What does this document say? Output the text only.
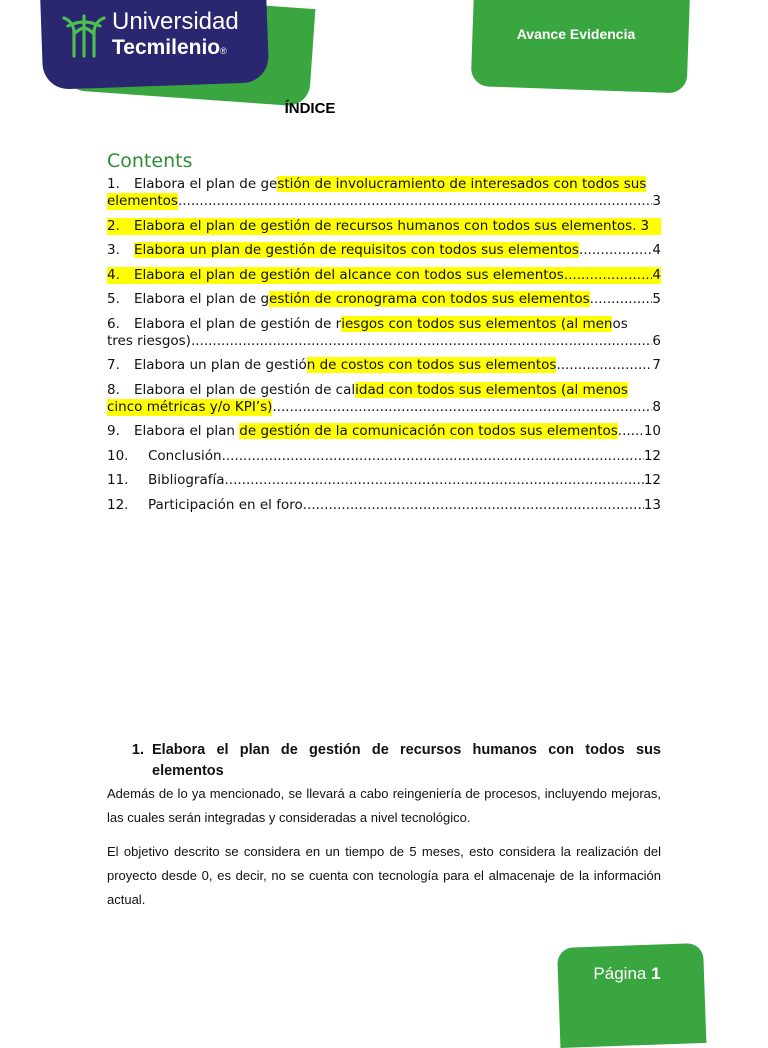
Universidad
Tecmilenio®
Avance Evidencia
ÍNDICE
Contents
1. Elabora el plan de gestión de involucramiento de interesados con todos sus
elementos .....	3
2. Elabora el plan de gestión de recursos humanos con todos sus elementos. 3
3. Elabora un plan de gestión de requisitos con todos sus elementos .....	4
4. Elabora el plan de gestión del alcance con todos sus elementos .....	4
5. Elabora el plan de gestión de cronograma con todos sus elementos .....	5
6. Elabora el plan de gestión de riesgos con todos sus elementos (al menos
tres riesgos) .....	6
7. Elabora un plan de gestión de costos con todos sus elementos .....	7
8. Elabora el plan de gestión de calidad con todos sus elementos (al menos
cinco métricas y/o KPI’s) .....	8
9. Elabora el plan de gestión de la comunicación con todos sus elementos ..... 10
10. Conclusión .....	12
11. Bibliografía .....	12
12. Participación en el foro .....	13
1. Elabora el plan de gestión de recursos humanos con todos sus elementos

Además de lo ya mencionado, se llevará a cabo reingeniería de procesos, incluyendo mejoras, las cuales serán integradas y consideradas a nivel tecnológico.

El objetivo descrito se considera en un tiempo de 5 meses, esto considera la realización del proyecto desde 0, es decir, no se cuenta con tecnología para el almacenaje de la información actual.

Página 1
